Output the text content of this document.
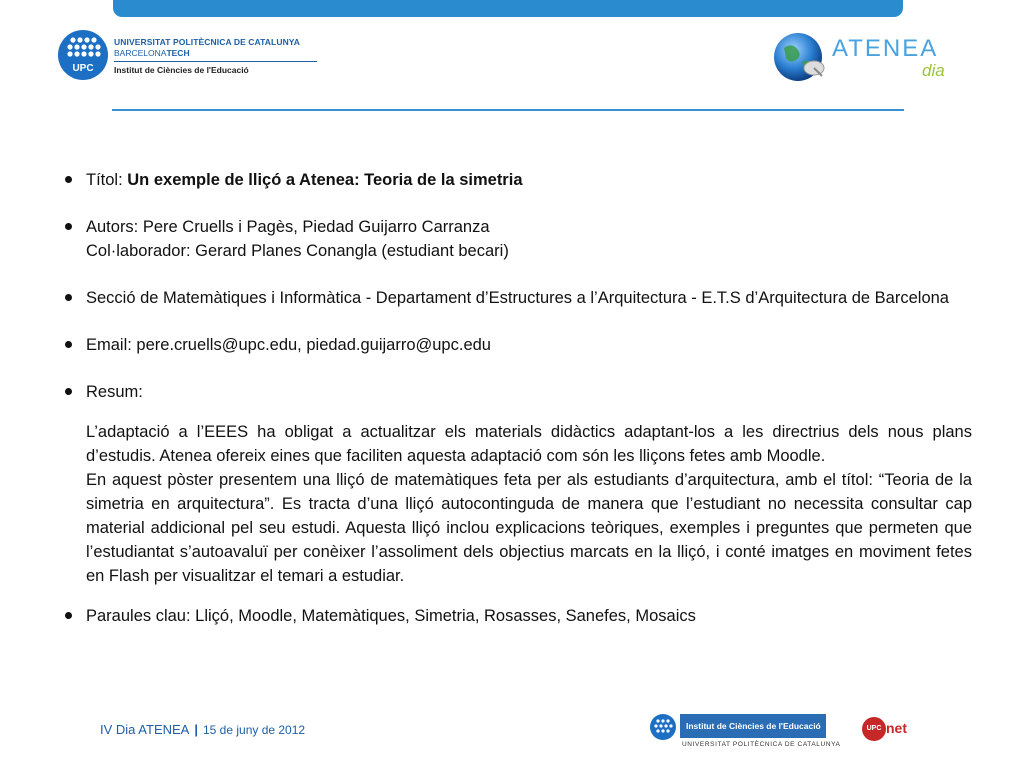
UPC
UNIVERSITAT POLITÈCNICA DE CATALUNYA
BARCELONATECH
Institut de Ciències de l'Educació
ATENEA
dia
Títol: Un exemple de lliçó a Atenea: Teoria de la simetria
Autors: Pere Cruells i Pagès, Piedad Guijarro Carranza
Col·laborador: Gerard Planes Conangla (estudiant becari)
Secció de Matemàtiques i Informàtica - Departament d’Estructures a l’Arquitectura - E.T.S d’Arquitectura de Barcelona
Email: pere.cruells@upc.edu, piedad.guijarro@upc.edu
Resum:
L’adaptació a l’EEES ha obligat a actualitzar els materials didàctics adaptant-los a les directrius dels nous plans d’estudis. Atenea ofereix eines que faciliten aquesta adaptació com són les lliçons fetes amb Moodle.
En aquest pòster presentem una lliçó de matemàtiques feta per als estudiants d’arquitectura, amb el títol: “Teoria de la simetria en arquitectura”. Es tracta d’una lliçó autocontinguda de manera que l’estudiant no necessita consultar cap material addicional pel seu estudi. Aquesta lliçó inclou explicacions teòriques, exemples i preguntes que permeten que l’estudiantat s’autoavaluï per conèixer l’assoliment dels objectius marcats en la lliçó, i conté imatges en moviment fetes en Flash per visualitzar el temari a estudiar.
Paraules clau: Lliçó, Moodle, Matemàtiques, Simetria, Rosasses, Sanefes, Mosaics
IV Dia ATENEA | 15 de juny de 2012	Institut de Ciències de l'Educació
UNIVERSITAT POLITÈCNICA DE CATALUNYA
UPC net
